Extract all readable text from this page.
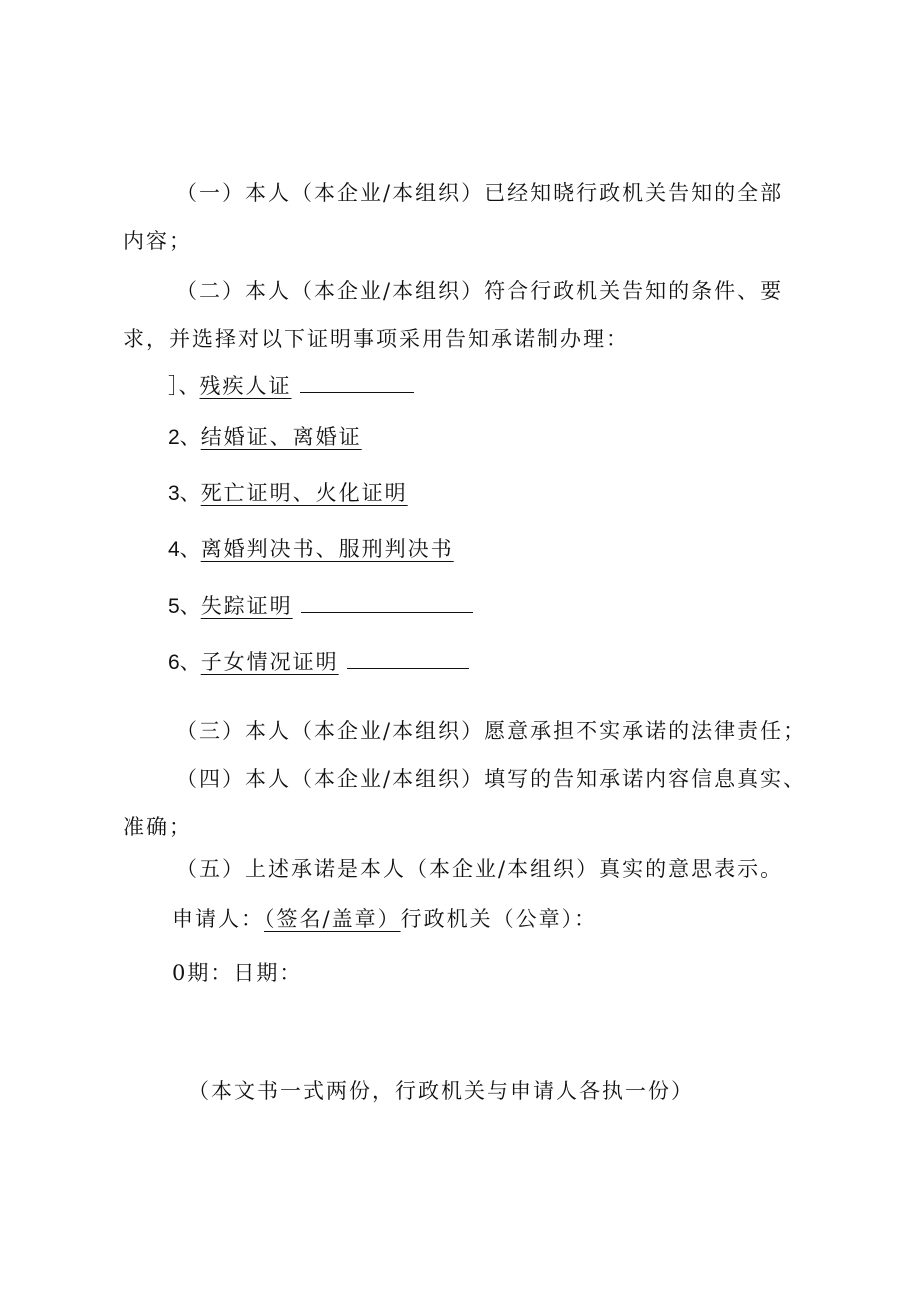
（一）本人（本企业/本组织）已经知晓行政机关告知的全部
内容；
（二）本人（本企业/本组织）符合行政机关告知的条件、要
求，并选择对以下证明事项采用告知承诺制办理：
］、残疾人证
2、结婚证、离婚证
3、死亡证明、火化证明
4、离婚判决书、服刑判决书
5、失踪证明
6、子女情况证明
（三）本人（本企业/本组织）愿意承担不实承诺的法律责任；
（四）本人（本企业/本组织）填写的告知承诺内容信息真实、
准确；
（五）上述承诺是本人（本企业/本组织）真实的意思表示。
申请人：（签名/盖章）行政机关（公章）：
0期：日期：
（本文书一式两份，行政机关与申请人各执一份）
